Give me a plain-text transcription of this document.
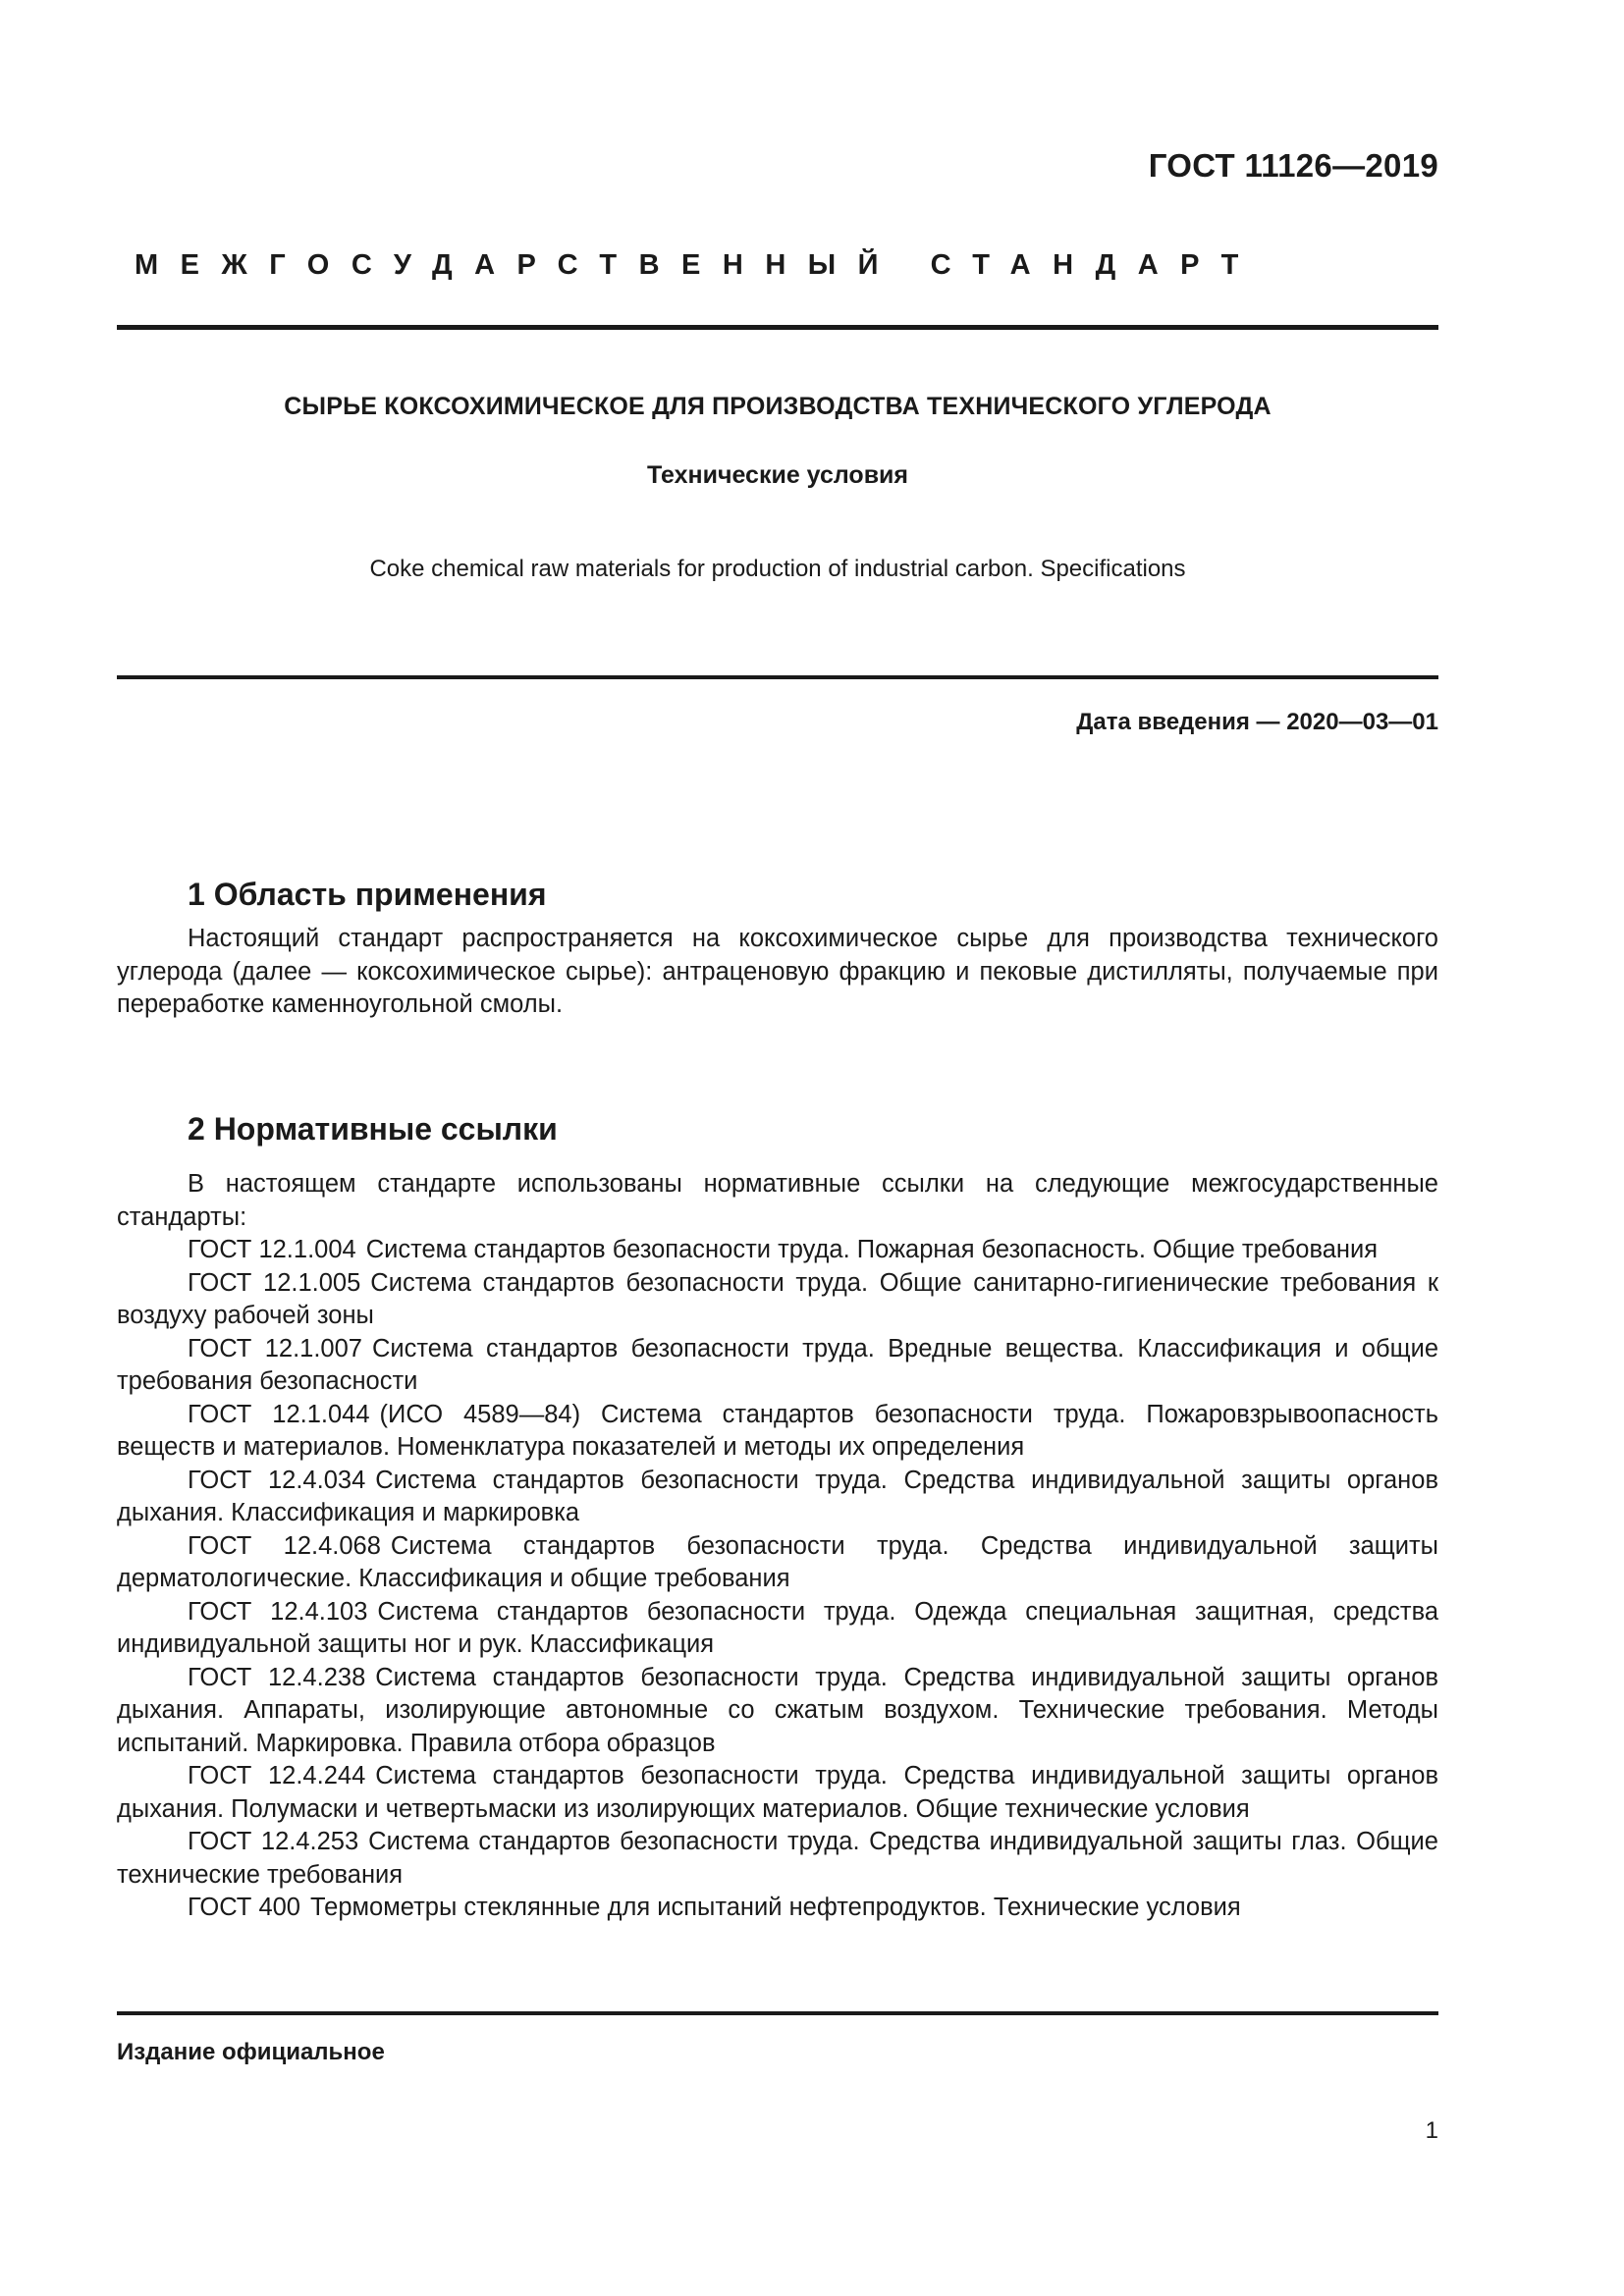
ГОСТ 11126—2019
МЕЖГОСУДАРСТВЕННЫЙ СТАНДАРТ
СЫРЬЕ КОКСОХИМИЧЕСКОЕ ДЛЯ ПРОИЗВОДСТВА ТЕХНИЧЕСКОГО УГЛЕРОДА
Технические условия
Coke chemical raw materials for production of industrial carbon. Specifications
Дата введения — 2020—03—01
1 Область применения

Настоящий стандарт распространяется на коксохимическое сырье для производства технического углерода (далее — коксохимическое сырье): антраценовую фракцию и пековые дистилляты, получаемые при переработке каменноугольной смолы.

2 Нормативные ссылки

В настоящем стандарте использованы нормативные ссылки на следующие межгосударственные стандарты:

ГОСТ 12.1.004 Система стандартов безопасности труда. Пожарная безопасность. Общие требования

ГОСТ 12.1.005 Система стандартов безопасности труда. Общие санитарно-гигиенические требования к воздуху рабочей зоны

ГОСТ 12.1.007 Система стандартов безопасности труда. Вредные вещества. Классификация и общие требования безопасности

ГОСТ 12.1.044 (ИСО 4589—84) Система стандартов безопасности труда. Пожаровзрывоопасность веществ и материалов. Номенклатура показателей и методы их определения

ГОСТ 12.4.034 Система стандартов безопасности труда. Средства индивидуальной защиты органов дыхания. Классификация и маркировка

ГОСТ 12.4.068 Система стандартов безопасности труда. Средства индивидуальной защиты дерматологические. Классификация и общие требования

ГОСТ 12.4.103 Система стандартов безопасности труда. Одежда специальная защитная, средства индивидуальной защиты ног и рук. Классификация

ГОСТ 12.4.238 Система стандартов безопасности труда. Средства индивидуальной защиты органов дыхания. Аппараты, изолирующие автономные со сжатым воздухом. Технические требования. Методы испытаний. Маркировка. Правила отбора образцов

ГОСТ 12.4.244 Система стандартов безопасности труда. Средства индивидуальной защиты органов дыхания. Полумаски и четвертьмаски из изолирующих материалов. Общие технические условия

ГОСТ 12.4.253 Система стандартов безопасности труда. Средства индивидуальной защиты глаз. Общие технические требования

ГОСТ 400 Термометры стеклянные для испытаний нефтепродуктов. Технические условия

Издание официальное
1
